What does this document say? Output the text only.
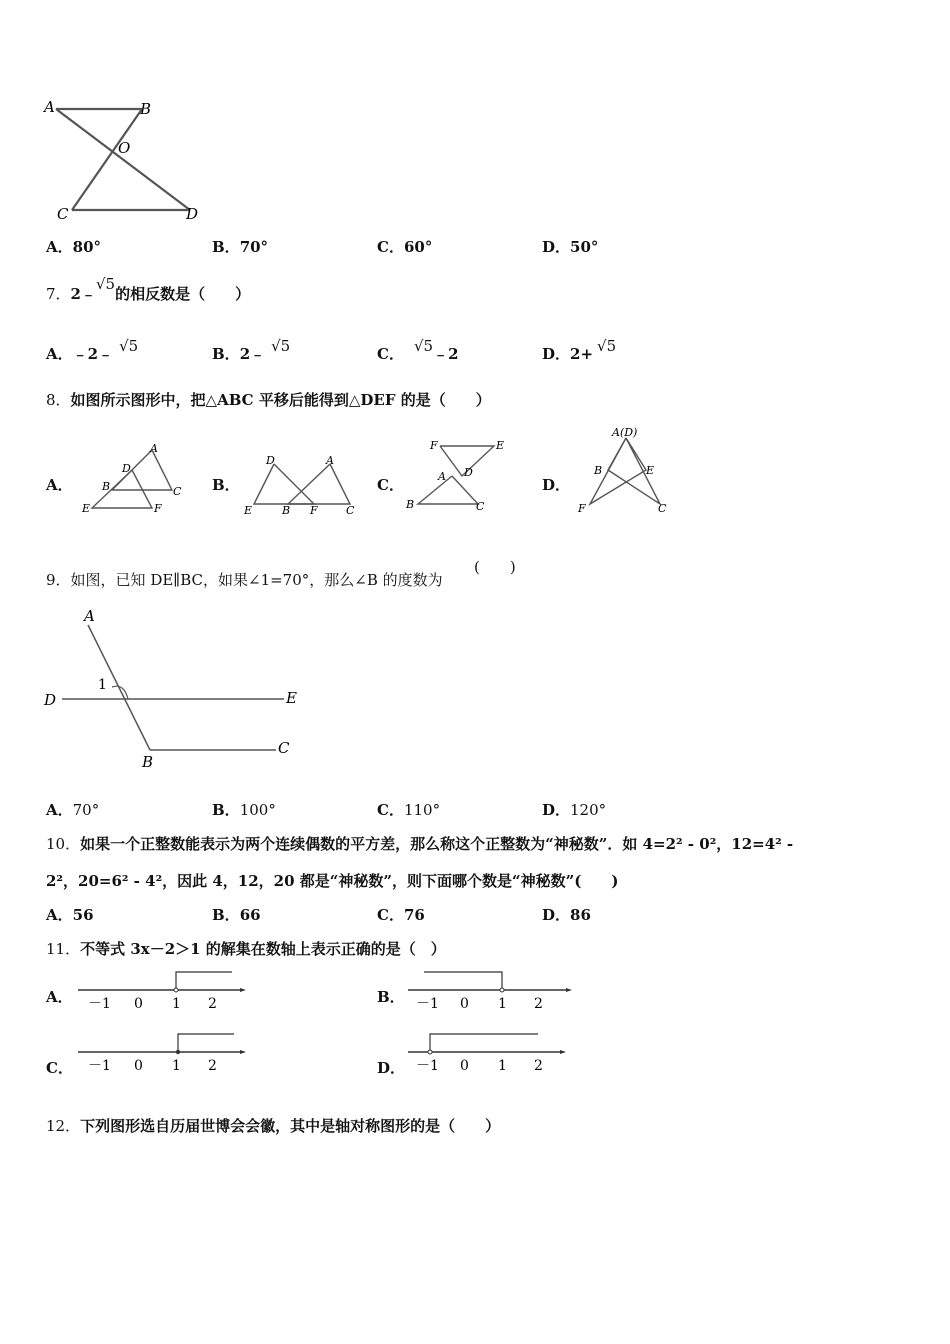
A	B
O
C	D
A．80°	B．70°	C．60°	D．50°
7．2﹣√5的相反数是（　　）
A．﹣2﹣ √5	B．2﹣ √5	C． √5﹣2	D．2+ √5
8．如图所示图形中，把△ABC 平移后能得到△DEF 的是（　　）
A．
A
D
B	C
E	F
B．
D	A
E	B F	C
C．
F	E
D
A
B	C
D．
A(D)
B	E
F	C
9．如图，已知 DE∥BC，如果∠1=70°，那么∠B 的度数为
(　　)
A
1
D	E
B
C
A．70°	B．100°	C．110°	D．120°
10．如果一个正整数能表示为两个连续偶数的平方差，那么称这个正整数为“神秘数”．如 4=2² - 0²，12=4² -
2²，20=6² - 4²，因此 4，12，20 都是“神秘数”，则下面哪个数是“神秘数”(　　)
A．56	B．66	C．76	D．86
11．不等式 3x－2＞1 的解集在数轴上表示正确的是（　）
A． －1 0 1 2	B． －1 0 1 2
C． －1 0 1 2	D． －1 0 1 2
12．下列图形选自历届世博会会徽，其中是轴对称图形的是（　　）
